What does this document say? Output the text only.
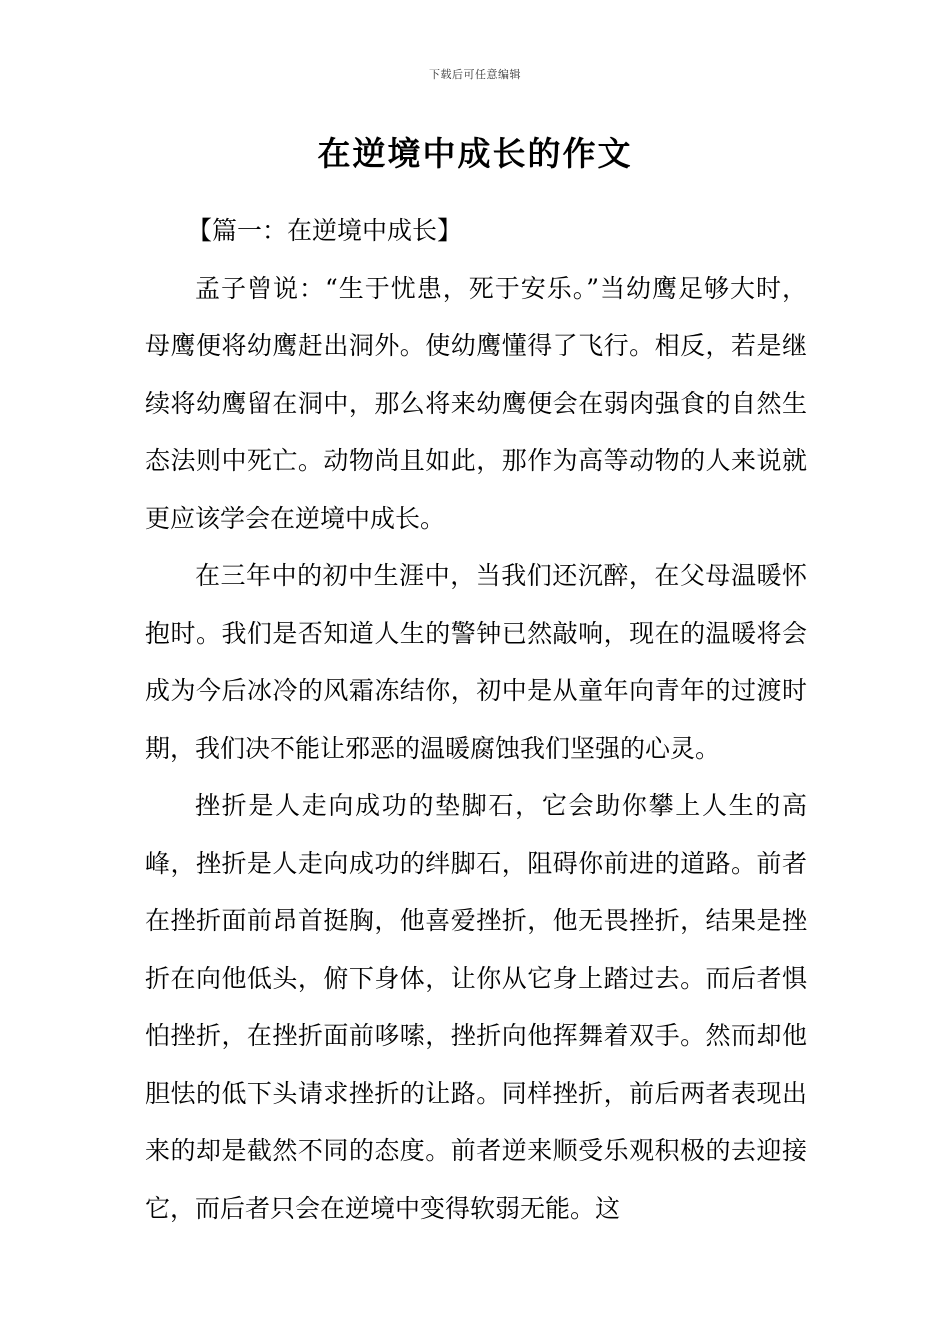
下载后可任意编辑
在逆境中成长的作文
【篇一：在逆境中成长】

孟子曾说：“生于忧患，死于安乐。”当幼鹰足够大时，母鹰便将幼鹰赶出洞外。使幼鹰懂得了飞行。相反，若是继续将幼鹰留在洞中，那么将来幼鹰便会在弱肉强食的自然生态法则中死亡。动物尚且如此，那作为高等动物的人来说就更应该学会在逆境中成长。

在三年中的初中生涯中，当我们还沉醉，在父母温暖怀抱时。我们是否知道人生的警钟已然敲响，现在的温暖将会成为今后冰冷的风霜冻结你，初中是从童年向青年的过渡时期，我们决不能让邪恶的温暖腐蚀我们坚强的心灵。

挫折是人走向成功的垫脚石，它会助你攀上人生的高峰，挫折是人走向成功的绊脚石，阻碍你前进的道路。前者在挫折面前昂首挺胸，他喜爱挫折，他无畏挫折，结果是挫折在向他低头，俯下身体，让你从它身上踏过去。而后者惧怕挫折，在挫折面前哆嗦，挫折向他挥舞着双手。然而却他胆怯的低下头请求挫折的让路。同样挫折，前后两者表现出来的却是截然不同的态度。前者逆来顺受乐观积极的去迎接它，而后者只会在逆境中变得软弱无能。这
